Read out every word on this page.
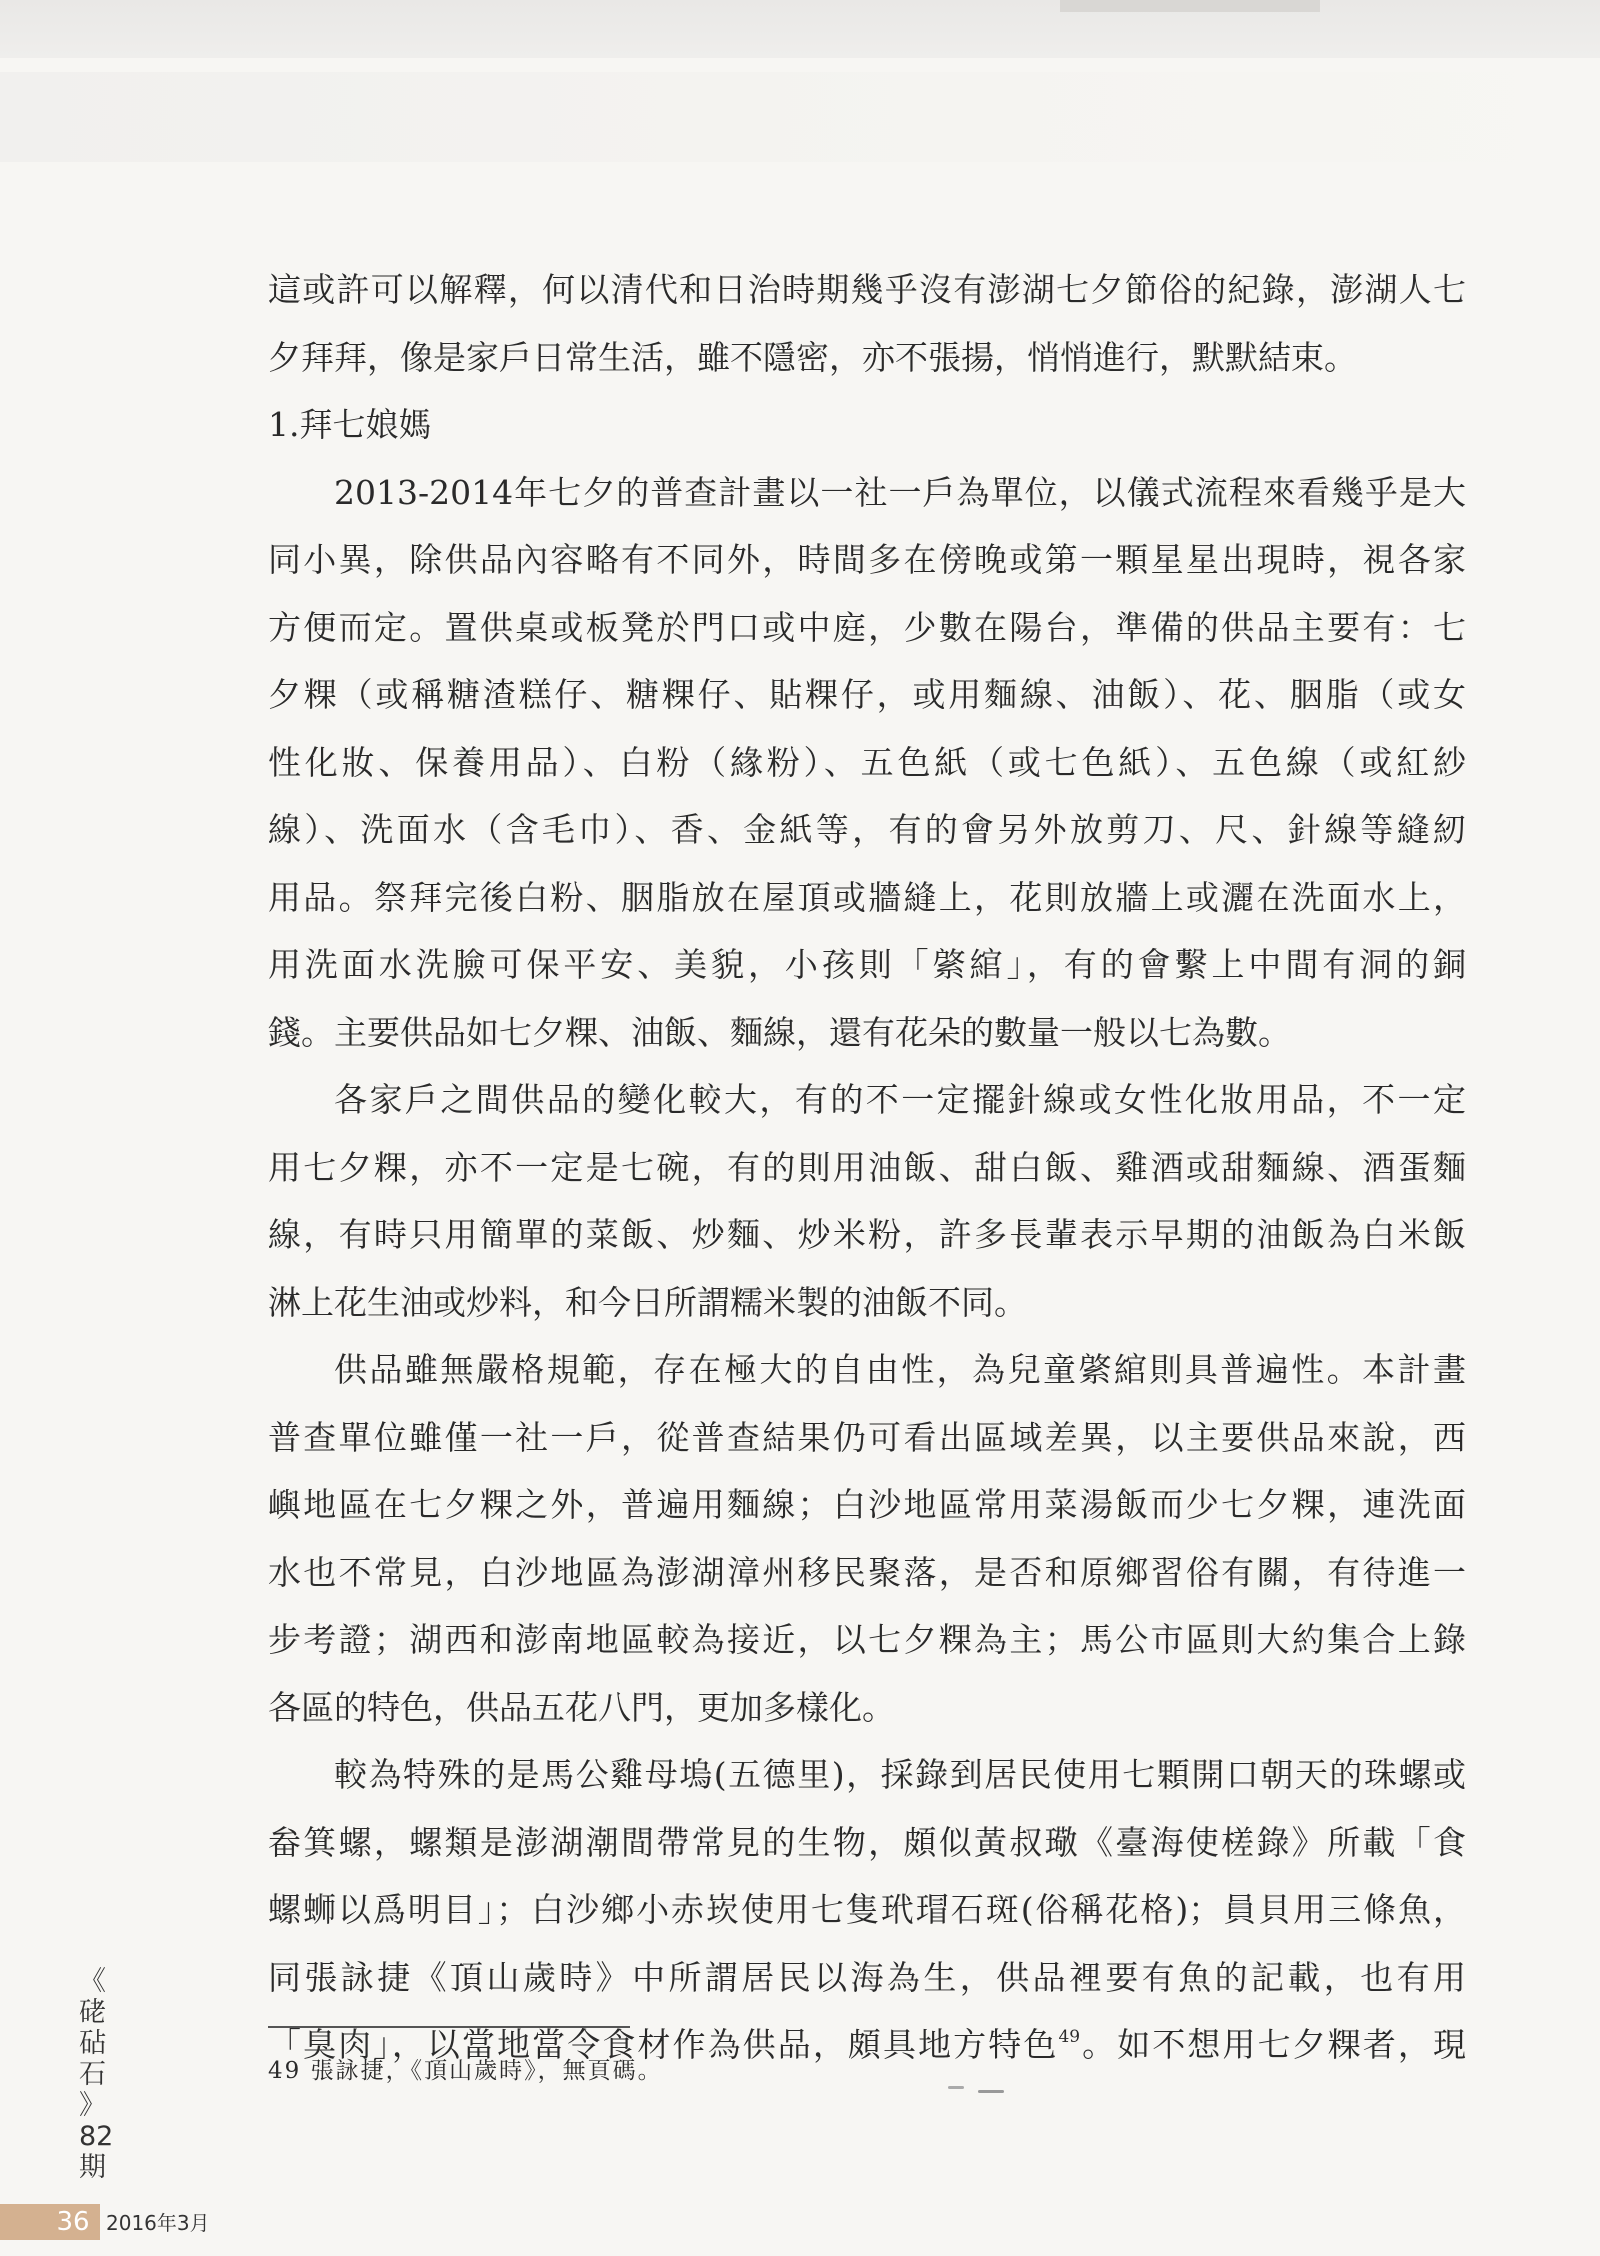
這或許可以解釋，何以清代和日治時期幾乎沒有澎湖七夕節俗的紀錄，澎湖人七
夕拜拜，像是家戶日常生活，雖不隱密，亦不張揚，悄悄進行，默默結束。
1.拜七娘媽
2013-2014年七夕的普查計畫以一社一戶為單位，以儀式流程來看幾乎是大
同小異，除供品內容略有不同外，時間多在傍晚或第一顆星星出現時，視各家
方便而定。置供桌或板凳於門口或中庭，少數在陽台，準備的供品主要有：七
夕粿（或稱糖渣糕仔、糖粿仔、貼粿仔，或用麵線、油飯）、花、胭脂（或女
性化妝、保養用品）、白粉（緣粉）、五色紙（或七色紙）、五色線（或紅紗
線）、洗面水（含毛巾）、香、金紙等，有的會另外放剪刀、尺、針線等縫紉
用品。祭拜完後白粉、胭脂放在屋頂或牆縫上，花則放牆上或灑在洗面水上，
用洗面水洗臉可保平安、美貌，小孩則「綮綰」，有的會繫上中間有洞的銅
錢。主要供品如七夕粿、油飯、麵線，還有花朵的數量一般以七為數。
各家戶之間供品的變化較大，有的不一定擺針線或女性化妝用品，不一定
用七夕粿，亦不一定是七碗，有的則用油飯、甜白飯、雞酒或甜麵線、酒蛋麵
線，有時只用簡單的菜飯、炒麵、炒米粉，許多長輩表示早期的油飯為白米飯
淋上花生油或炒料，和今日所謂糯米製的油飯不同。
供品雖無嚴格規範，存在極大的自由性，為兒童綮綰則具普遍性。本計畫
普查單位雖僅一社一戶，從普查結果仍可看出區域差異，以主要供品來說，西
嶼地區在七夕粿之外，普遍用麵線；白沙地區常用菜湯飯而少七夕粿，連洗面
水也不常見，白沙地區為澎湖漳州移民聚落，是否和原鄉習俗有關，有待進一
步考證；湖西和澎南地區較為接近，以七夕粿為主；馬公市區則大約集合上錄
各區的特色，供品五花八門，更加多樣化。
較為特殊的是馬公雞母塢(五德里)，採錄到居民使用七顆開口朝天的珠螺或
畚箕螺，螺類是澎湖潮間帶常見的生物，頗似黃叔璥《臺海使槎錄》所載「食
螺蛳以爲明目」；白沙鄉小赤崁使用七隻玳瑁石斑(俗稱花格)；員貝用三條魚，
同張詠捷《頂山歲時》中所謂居民以海為生，供品裡要有魚的記載，也有用
「臭肉」，以當地當令食材作為供品，頗具地方特色$^{49}$。如不想用七夕粿者，現
49 張詠捷，《頂山歲時》，無頁碼。
《
硓
砧
石
》
82
期
36 2016年3月
